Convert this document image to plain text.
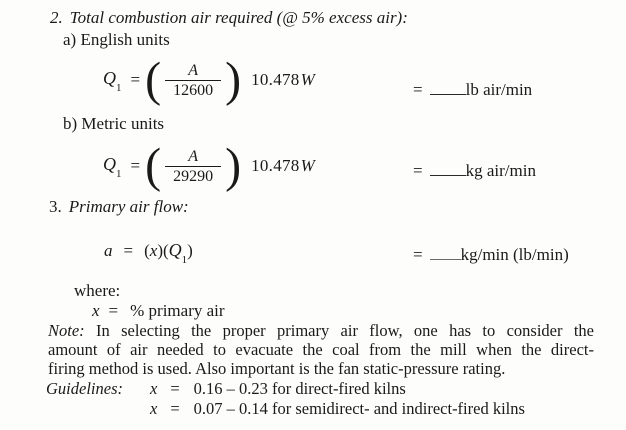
2. Total combustion air required (@ 5% excess air):
a) English units
$Q_1$ = ( $\frac{A}{12600}$ ) 10.478W
=	lb air/min
b) Metric units
$Q_1$ = ( $\frac{A}{29290}$ ) 10.478W	=	kg air/min
3. Primary air flow:
a = ( x )( $Q_1$ )	= kg/min (lb/min)
where:
x = % primary air
Note: In selecting the proper primary air flow, one has to consider the
amount of air needed to evacuate the coal from the mill when the direct-
firing method is used. Also important is the fan static-pressure rating.
Guidelines: x = 0.16 – 0.23 for direct-fired kilns
x = 0.07 – 0.14 for semidirect- and indirect-fired kilns
